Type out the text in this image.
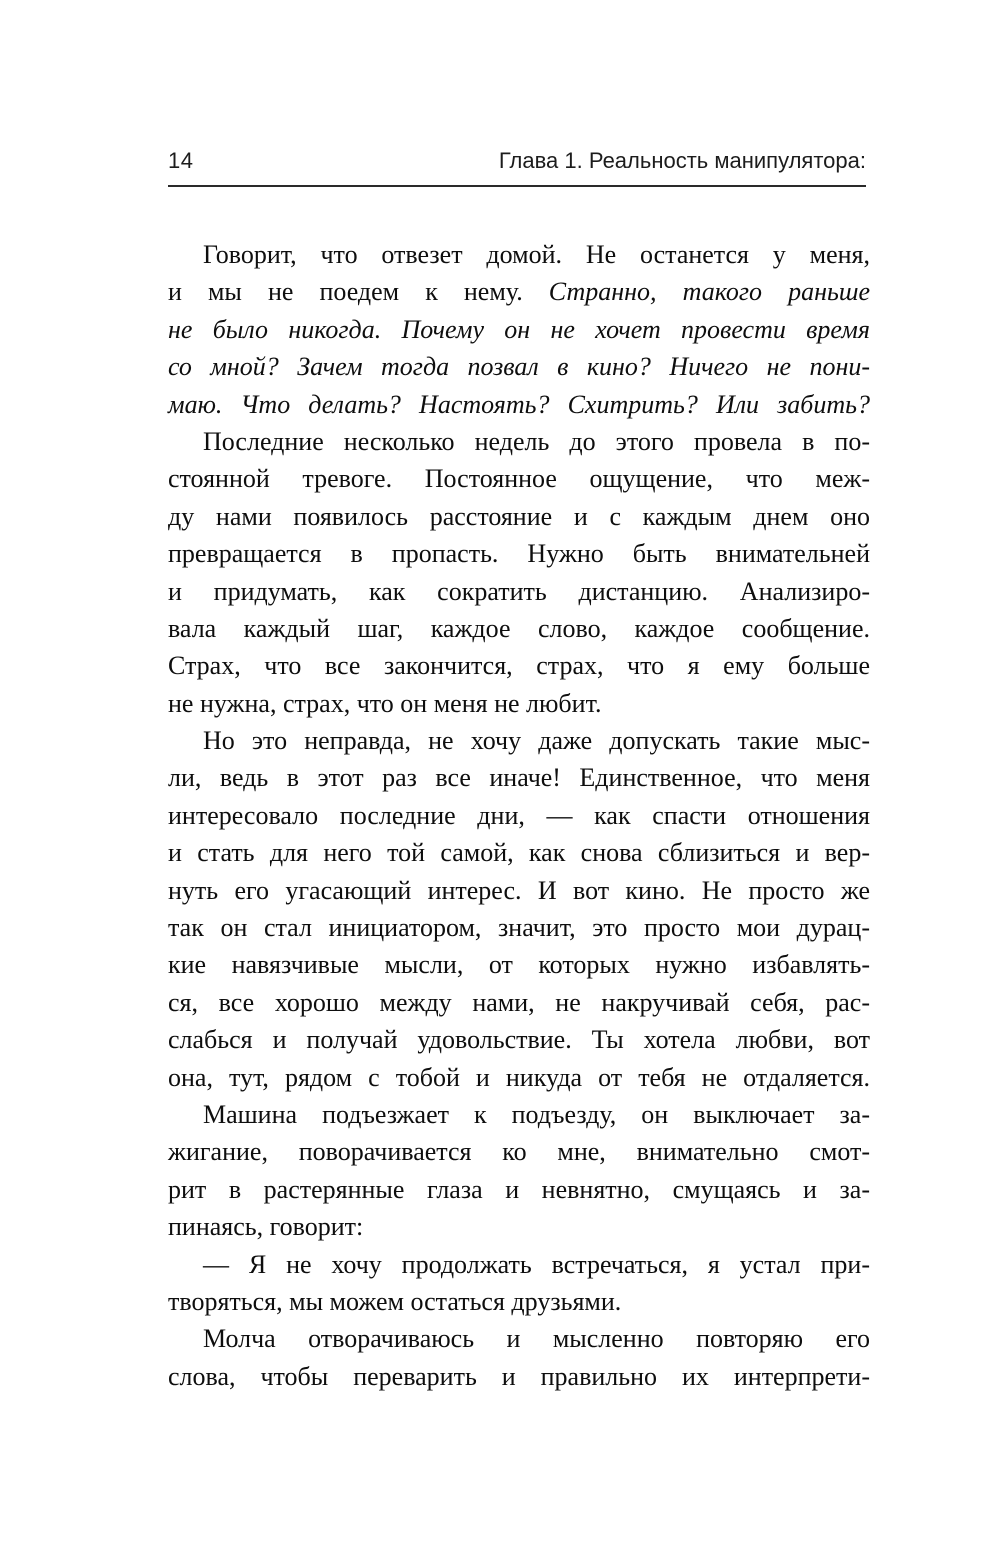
14	Глава 1. Реальность манипулятора:
Говорит, что отвезет домой. Не останется у меня,
и мы не поедем к нему. Странно, такого раньше
не было никогда. Почему он не хочет провести время
со мной? Зачем тогда позвал в кино? Ничего не пони-
маю. Что делать? Настоять? Схитрить? Или забить?
Последние несколько недель до этого провела в по-
стоянной тревоге. Постоянное ощущение, что меж-
ду нами появилось расстояние и с каждым днем оно
превращается в пропасть. Нужно быть внимательней
и придумать, как сократить дистанцию. Анализиро-
вала каждый шаг, каждое слово, каждое сообщение.
Страх, что все закончится, страх, что я ему больше
не нужна, страх, что он меня не любит.
Но это неправда, не хочу даже допускать такие мыс-
ли, ведь в этот раз все иначе! Единственное, что меня
интересовало последние дни, — как спасти отношения
и стать для него той самой, как снова сблизиться и вер-
нуть его угасающий интерес. И вот кино. Не просто же
так он стал инициатором, значит, это просто мои дурац-
кие навязчивые мысли, от которых нужно избавлять-
ся, все хорошо между нами, не накручивай себя, рас-
слабься и получай удовольствие. Ты хотела любви, вот
она, тут, рядом с тобой и никуда от тебя не отдаляется.
Машина подъезжает к подъезду, он выключает за-
жигание, поворачивается ко мне, внимательно смот-
рит в растерянные глаза и невнятно, смущаясь и за-
пинаясь, говорит:
— Я не хочу продолжать встречаться, я устал при-
творяться, мы можем остаться друзьями.
Молча отворачиваюсь и мысленно повторяю его
слова, чтобы переварить и правильно их интерпрети-
